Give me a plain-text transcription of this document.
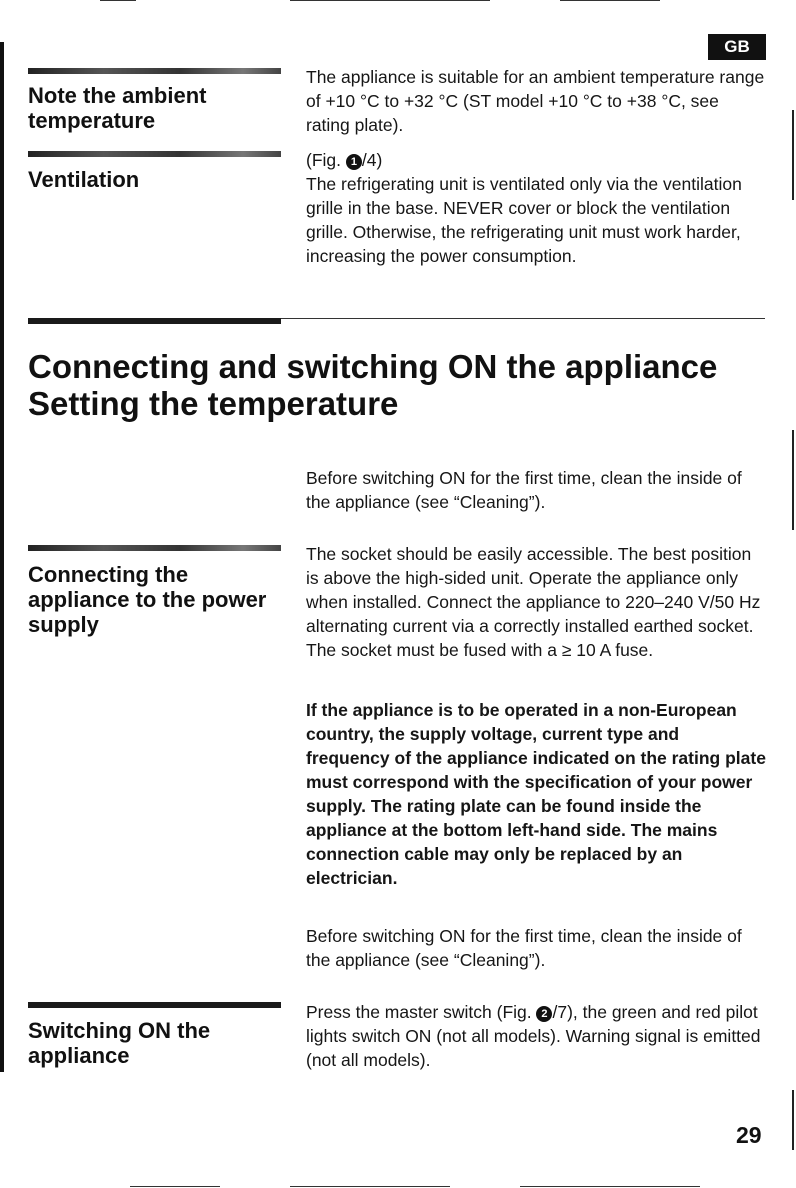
GB
Note the ambient temperature
The appliance is suitable for an ambient temperature range of +10 °C to +32 °C (ST model +10 °C to +38 °C, see rating plate).
Ventilation
(Fig. 1 /4)
The refrigerating unit is ventilated only via the ventilation grille in the base. NEVER cover or block the ventilation grille. Otherwise, the refrigerating unit must work harder, increasing the power consumption.
Connecting and switching ON the appliance
Setting the temperature
Before switching ON for the first time, clean the inside of the appliance (see “Cleaning”).
Connecting the appliance to the power supply
The socket should be easily accessible. The best position is above the high-sided unit. Operate the appliance only when installed. Connect the appliance to 220–240 V/50 Hz alternating current via a correctly installed earthed socket. The socket must be fused with a ≥ 10 A fuse.
If the appliance is to be operated in a non-European country, the supply voltage, current type and frequency of the appliance indicated on the rating plate must correspond with the specification of your power supply. The rating plate can be found inside the appliance at the bottom left-hand side. The mains connection cable may only be replaced by an electrician.
Before switching ON for the first time, clean the inside of the appliance (see “Cleaning”).
Switching ON the appliance
Press the master switch (Fig. 2 /7), the green and red pilot lights switch ON (not all models). Warning signal is emitted (not all models).
29
